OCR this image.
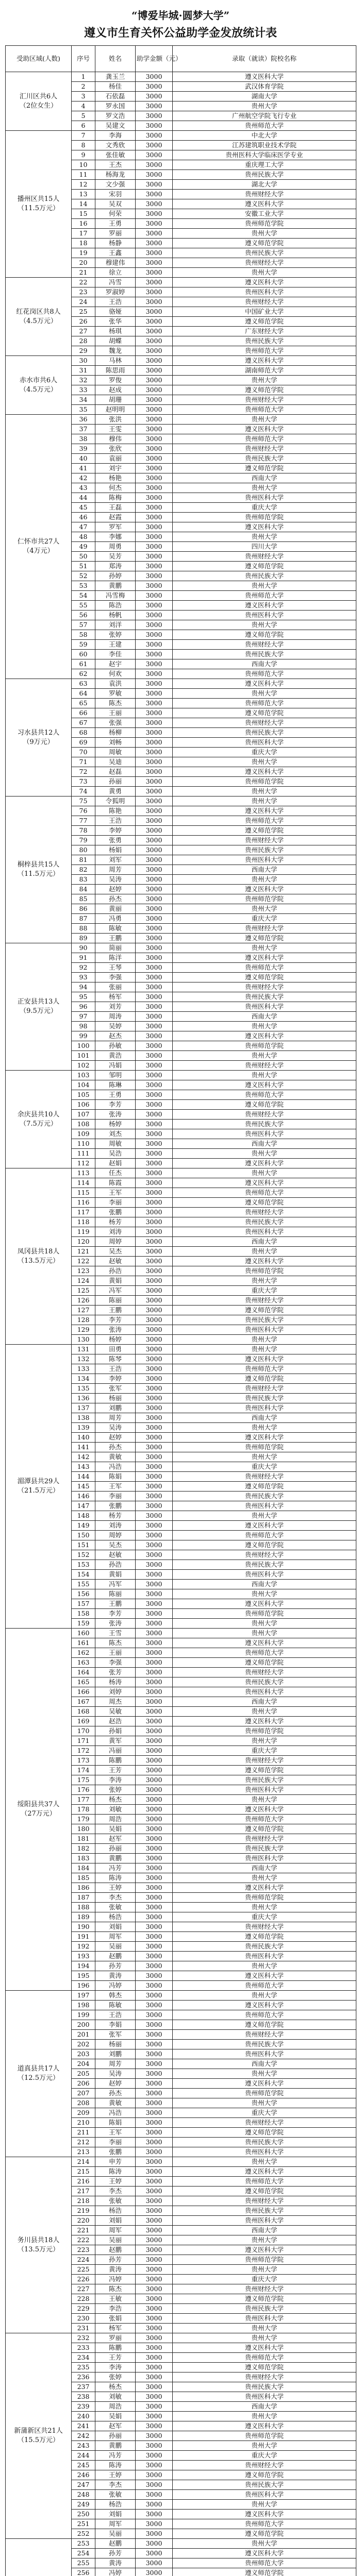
“博爱毕城·圆梦大学”
遵义市生育关怀公益助学金发放统计表
受助区域(人数)	序号	姓名	助学金额（元）	录取（就读）院校名称
汇川区共6人
（2位女生）	1	龚玉兰	3000	遵义医科大学
	2	杨佳	3000	武汉体育学院
	3	石依磊	3000	湖南大学
	4	罗永国	3000	贵州大学
	5	罗文浩	3000	广州航空学院飞行专业
	6	吴建文	3000	贵州师范大学
播州区共15人
（11.5万元）	7	李海	3000	中北大学
	8	文秀欣	3000	江苏建筑职业技术学院
	9	张佳敏	3000	贵州医科大学临床医学专业
	10	王杰	3000	重庆理工大学
	11	杨海龙	3000	贵州民族大学
	12	文少强	3000	湖北大学
	13	宋羽	3000	贵州财经大学
	14	吴双	3000	遵义医科大学
	15	何荣	3000	安徽工业大学
	16	王勇	3000	贵州师范学院
	17	罗丽	3000	贵州大学
	18	杨静	3000	遵义师范学院
	19	王鑫	3000	贵州民族大学
	20	穆建伟	3000	贵州财经大学
	21	徐立	3000	贵州大学
红花岗区共8人
（4.5万元）	22	冯雪	3000	遵义医科大学
	23	罗淑婷	3000	贵州医科大学
	24	王浩	3000	贵州财经大学
	25	骆娅	3000	中国矿业大学
	26	张华	3000	遵义师范学院
	27	杨琪	3000	广东财经大学
	28	胡蝶	3000	贵州民族大学
	29	魏龙	3000	贵州师范大学
赤水市共6人
（4.5万元）	30	马林	3000	遵义医科大学
	31	陈思雨	3000	湖南师范大学
	32	罗俊	3000	贵州大学
	33	赵成	3000	遵义师范学院
	34	胡珊	3000	贵州财经大学
	35	赵明明	3000	贵州师范大学
仁怀市共27人
（4万元）	36	张洪	3000	贵州大学
	37	王雯	3000	遵义医科大学
	38	穆伟	3000	贵州师范大学
	39	张欣	3000	贵州财经大学
	40	袁丽	3000	贵州民族大学
	41	刘宇	3000	遵义师范学院
	42	杨艳	3000	西南大学
	43	何杰	3000	贵州大学
	44	陈梅	3000	贵州医科大学
	45	王磊	3000	重庆大学
	46	赵霞	3000	贵州师范学院
	47	罗军	3000	遵义医科大学
	48	李娜	3000	贵州大学
	49	周勇	3000	四川大学
	50	吴芳	3000	贵州财经大学
	51	郑涛	3000	遵义师范学院
	52	孙婷	3000	贵州民族大学
	53	黄鹏	3000	贵州大学
	54	冯雪梅	3000	贵州师范大学
	55	陈浩	3000	遵义医科大学
	56	杨帆	3000	贵州医科大学
	57	刘洋	3000	贵州大学
	58	张婷	3000	遵义师范学院
	59	王建	3000	贵州财经大学
	60	李佳	3000	贵州民族大学
	61	赵宇	3000	西南大学
	62	何欢	3000	贵州师范大学
习水县共12人
（9万元）	63	袁洪	3000	遵义医科大学
	64	罗敏	3000	贵州大学
	65	陈杰	3000	贵州师范大学
	66	王丽	3000	遵义师范学院
	67	张强	3000	贵州财经大学
	68	杨柳	3000	贵州民族大学
	69	刘畅	3000	贵州医科大学
	70	周敏	3000	重庆大学
	71	吴迪	3000	贵州大学
	72	赵磊	3000	遵义医科大学
	73	孙丽	3000	贵州师范学院
	74	黄勇	3000	贵州大学
桐梓县共15人
（11.5万元）	75	令狐明	3000	贵州大学
	76	陈艳	3000	遵义医科大学
	77	王浩	3000	贵州师范大学
	78	李婷	3000	遵义师范学院
	79	张勇	3000	贵州财经大学
	80	杨娟	3000	贵州民族大学
	81	刘军	3000	贵州医科大学
	82	周芳	3000	西南大学
	83	吴涛	3000	贵州大学
	84	赵婷	3000	遵义医科大学
	85	孙杰	3000	贵州师范学院
	86	黄丽	3000	贵州大学
	87	冯勇	3000	重庆大学
	88	陈敏	3000	贵州财经大学
	89	王鹏	3000	遵义师范学院
正安县共13人
（9.5万元）	90	简丽	3000	贵州大学
	91	陈洋	3000	遵义医科大学
	92	王琴	3000	贵州师范大学
	93	李强	3000	遵义师范学院
	94	张丽	3000	贵州财经大学
	95	杨军	3000	贵州民族大学
	96	刘芳	3000	贵州医科大学
	97	周涛	3000	西南大学
	98	吴婷	3000	贵州大学
	99	赵杰	3000	遵义医科大学
	100	孙敏	3000	贵州师范学院
	101	黄浩	3000	贵州大学
	102	冯娟	3000	贵州财经大学
余庆县共10人
（7.5万元）	103	邹明	3000	贵州大学
	104	陈琳	3000	遵义医科大学
	105	王勇	3000	贵州师范大学
	106	李芳	3000	遵义师范学院
	107	张涛	3000	贵州财经大学
	108	杨婷	3000	贵州民族大学
	109	刘杰	3000	贵州医科大学
	110	周敏	3000	西南大学
	111	吴浩	3000	贵州大学
	112	赵娟	3000	遵义医科大学
凤冈县共18人
（13.5万元）	113	任杰	3000	贵州大学
	114	陈霞	3000	遵义医科大学
	115	王军	3000	贵州师范大学
	116	李丽	3000	遵义师范学院
	117	张鹏	3000	贵州财经大学
	118	杨芳	3000	贵州民族大学
	119	刘涛	3000	贵州医科大学
	120	周婷	3000	西南大学
	121	吴杰	3000	贵州大学
	122	赵敏	3000	遵义医科大学
	123	孙浩	3000	贵州师范学院
	124	黄娟	3000	贵州大学
	125	冯军	3000	重庆大学
	126	陈丽	3000	贵州财经大学
	127	王鹏	3000	遵义师范学院
	128	李芳	3000	贵州民族大学
	129	张涛	3000	贵州医科大学
	130	杨婷	3000	贵州大学
湄潭县共29人
（21.5万元）	131	田勇	3000	贵州大学
	132	陈琴	3000	遵义医科大学
	133	王浩	3000	贵州师范大学
	134	李婷	3000	遵义师范学院
	135	张军	3000	贵州财经大学
	136	杨丽	3000	贵州民族大学
	137	刘鹏	3000	贵州医科大学
	138	周芳	3000	西南大学
	139	吴涛	3000	贵州大学
	140	赵婷	3000	遵义医科大学
	141	孙杰	3000	贵州师范学院
	142	黄敏	3000	贵州大学
	143	冯浩	3000	重庆大学
	144	陈娟	3000	贵州财经大学
	145	王军	3000	遵义师范学院
	146	李丽	3000	贵州民族大学
	147	张鹏	3000	贵州医科大学
	148	杨芳	3000	贵州大学
	149	刘涛	3000	遵义医科大学
	150	周婷	3000	贵州师范大学
	151	吴杰	3000	遵义师范学院
	152	赵敏	3000	贵州财经大学
	153	孙浩	3000	贵州民族大学
	154	黄娟	3000	贵州医科大学
	155	冯军	3000	西南大学
	156	陈丽	3000	贵州大学
	157	王鹏	3000	遵义医科大学
	158	李芳	3000	贵州师范学院
	159	张涛	3000	贵州大学
绥阳县共37人
（27万元）	160	王雪	3000	贵州大学
	161	陈杰	3000	遵义医科大学
	162	王丽	3000	贵州师范大学
	163	李强	3000	遵义师范学院
	164	张芳	3000	贵州财经大学
	165	杨涛	3000	贵州民族大学
	166	刘婷	3000	贵州医科大学
	167	周杰	3000	西南大学
	168	吴敏	3000	贵州大学
	169	赵浩	3000	遵义医科大学
	170	孙娟	3000	贵州师范学院
	171	黄军	3000	贵州大学
	172	冯丽	3000	重庆大学
	173	陈鹏	3000	贵州财经大学
	174	王芳	3000	遵义师范学院
	175	李涛	3000	贵州民族大学
	176	张婷	3000	贵州医科大学
	177	杨杰	3000	贵州大学
	178	刘敏	3000	遵义医科大学
	179	周浩	3000	贵州师范大学
	180	吴娟	3000	遵义师范学院
	181	赵军	3000	贵州财经大学
	182	孙丽	3000	贵州民族大学
	183	黄鹏	3000	贵州医科大学
	184	冯芳	3000	西南大学
	185	陈涛	3000	贵州大学
	186	王婷	3000	遵义医科大学
	187	李杰	3000	贵州师范学院
	188	张敏	3000	贵州大学
	189	杨浩	3000	重庆大学
	190	刘娟	3000	贵州财经大学
	191	周军	3000	遵义师范学院
	192	吴丽	3000	贵州民族大学
	193	赵鹏	3000	贵州医科大学
	194	孙芳	3000	贵州大学
	195	黄涛	3000	遵义医科大学
	196	冯婷	3000	贵州师范大学
道真县共17人
（12.5万元）	197	韩杰	3000	贵州大学
	198	陈敏	3000	遵义医科大学
	199	王浩	3000	贵州师范大学
	200	李娟	3000	遵义师范学院
	201	张军	3000	贵州财经大学
	202	杨丽	3000	贵州民族大学
	203	刘鹏	3000	贵州医科大学
	204	周芳	3000	西南大学
	205	吴涛	3000	贵州大学
	206	赵婷	3000	遵义医科大学
	207	孙杰	3000	贵州师范学院
	208	黄敏	3000	贵州大学
	209	冯浩	3000	重庆大学
	210	陈娟	3000	贵州财经大学
	211	王军	3000	遵义师范学院
	212	李丽	3000	贵州民族大学
	213	张鹏	3000	贵州医科大学
务川县共18人
（13.5万元）	214	申芳	3000	贵州大学
	215	陈涛	3000	遵义医科大学
	216	王婷	3000	贵州师范大学
	217	李杰	3000	遵义师范学院
	218	张敏	3000	贵州财经大学
	219	杨浩	3000	贵州民族大学
	220	刘娟	3000	贵州医科大学
	221	周军	3000	西南大学
	222	吴丽	3000	贵州大学
	223	赵鹏	3000	遵义医科大学
	224	孙芳	3000	贵州师范学院
	225	黄涛	3000	贵州大学
	226	冯婷	3000	重庆大学
	227	陈杰	3000	贵州财经大学
	228	王敏	3000	遵义师范学院
	229	李浩	3000	贵州民族大学
	230	张娟	3000	贵州医科大学
	231	杨军	3000	贵州大学
新蒲新区共21人
（15.5万元）	232	罗丽	3000	贵州大学
	233	陈鹏	3000	遵义医科大学
	234	王芳	3000	贵州师范大学
	235	李涛	3000	遵义师范学院
	236	张婷	3000	贵州财经大学
	237	杨杰	3000	贵州民族大学
	238	刘敏	3000	贵州医科大学
	239	周浩	3000	西南大学
	240	吴娟	3000	贵州大学
	241	赵军	3000	遵义医科大学
	242	孙丽	3000	贵州师范学院
	243	黄鹏	3000	贵州大学
	244	冯芳	3000	重庆大学
	245	陈涛	3000	贵州财经大学
	246	王婷	3000	遵义师范学院
	247	李杰	3000	贵州民族大学
	248	张敏	3000	贵州医科大学
	249	杨浩	3000	贵州大学
	250	刘娟	3000	遵义医科大学
	251	周军	3000	贵州师范大学
	252	吴丽	3000	遵义师范学院
	253	赵鹏	3000	贵州大学
	254	孙芳	3000	遵义医科大学
	255	黄涛	3000	贵州师范大学
	256	冯婷	3000	遵义师范学院
